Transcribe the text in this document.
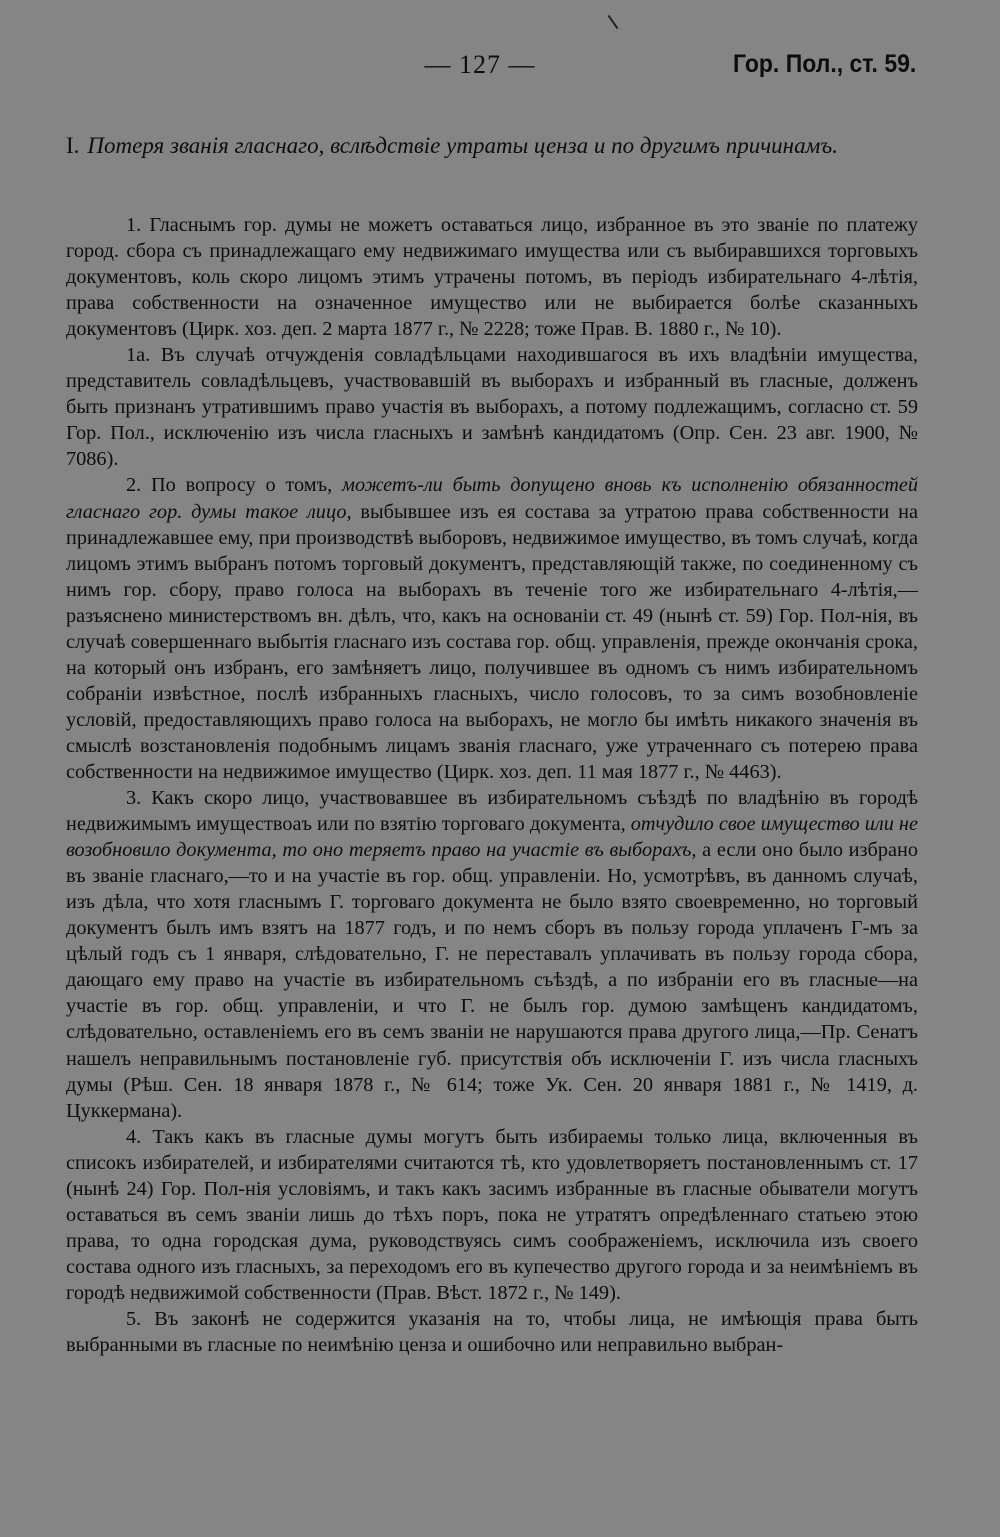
— 127 —	Гор. Пол., ст. 59.
I. Потеря званія гласнаго, вслѣдствіе утраты ценза и по другимъ причинамъ.

1. Гласнымъ гор. думы не можетъ оставаться лицо, избранное въ это званіе по платежу город. сбора съ принадлежащаго ему недвижимаго имущества или съ выбиравшихся торговыхъ документовъ, коль скоро лицомъ этимъ утрачены потомъ, въ періодъ избирательнаго 4-лѣтія, права собственности на означенное имущество или не выбирается болѣе сказанныхъ документовъ (Цирк. хоз. деп. 2 марта 1877 г., № 2228; тоже Прав. В. 1880 г., № 10).

1а. Въ случаѣ отчужденія совладѣльцами находившагося въ ихъ владѣніи имущества, представитель совладѣльцевъ, участвовавшій въ выборахъ и избранный въ гласные, долженъ быть признанъ утратившимъ право участія въ выборахъ, а потому подлежащимъ, согласно ст. 59 Гор. Пол., исключенію изъ числа гласныхъ и замѣнѣ кандидатомъ (Опр. Сен. 23 авг. 1900, № 7086).

2. По вопросу о томъ, можетъ-ли быть допущено вновь къ исполненію обязанностей гласнаго гор. думы такое лицо, выбывшее изъ ея состава за утратою права собственности на принадлежавшее ему, при производствѣ выборовъ, недвижимое имущество, въ томъ случаѣ, когда лицомъ этимъ выбранъ потомъ торговый документъ, представляющій также, по соединенному съ нимъ гор. сбору, право голоса на выборахъ въ теченіе того же избирательнаго 4-лѣтія,—разъяснено министерствомъ вн. дѣлъ, что, какъ на основаніи ст. 49 (нынѣ ст. 59) Гор. Пол-нія, въ случаѣ совершеннаго выбытія гласнаго изъ состава гор. общ. управленія, прежде окончанія срока, на который онъ избранъ, его замѣняетъ лицо, получившее въ одномъ съ нимъ избирательномъ собраніи извѣстное, послѣ избранныхъ гласныхъ, число голосовъ, то за симъ возобновленіе условій, предоставляющихъ право голоса на выборахъ, не могло бы имѣть никакого значенія въ смыслѣ возстановленія подобнымъ лицамъ званія гласнаго, уже утраченнаго съ потерею права собственности на недвижимое имущество (Цирк. хоз. деп. 11 мая 1877 г., № 4463).

3. Какъ скоро лицо, участвовавшее въ избирательномъ съѣздѣ по владѣнію въ городѣ недвижимымъ имуществоаъ или по взятію торговаго документа, отчудило свое имущество или не возобновило документа, то оно теряетъ право на участіе въ выборахъ, а если оно было избрано въ званіе гласнаго,—то и на участіе въ гор. общ. управленіи. Но, усмотрѣвъ, въ данномъ случаѣ, изъ дѣла, что хотя гласнымъ Г. торговаго документа не было взято своевременно, но торговый документъ былъ имъ взятъ на 1877 годъ, и по немъ сборъ въ пользу города уплаченъ Г-мъ за цѣлый годъ съ 1 января, слѣдовательно, Г. не переставалъ уплачивать въ пользу города сбора, дающаго ему право на участіе въ избирательномъ съѣздѣ, а по избраніи его въ гласные—на участіе въ гор. общ. управленіи, и что Г. не былъ гор. думою замѣщенъ кандидатомъ, слѣдовательно, оставленіемъ его въ семъ званіи не нарушаются права другого лица,—Пр. Сенатъ нашелъ неправильнымъ постановленіе губ. присутствія объ исключеніи Г. изъ числа гласныхъ думы (Рѣш. Сен. 18 января 1878 г., № 614; тоже Ук. Сен. 20 января 1881 г., № 1419, д. Цуккермана).

4. Такъ какъ въ гласные думы могутъ быть избираемы только лица, включенныя въ списокъ избирателей, и избирателями считаются тѣ, кто удовлетворяетъ постановленнымъ ст. 17 (нынѣ 24) Гор. Пол-нія условіямъ, и такъ какъ засимъ избранные въ гласные обыватели могутъ оставаться въ семъ званіи лишь до тѣхъ поръ, пока не утратятъ опредѣленнаго статьею этою права, то одна городская дума, руководствуясь симъ соображеніемъ, исключила изъ своего состава одного изъ гласныхъ, за переходомъ его въ купечество другого города и за неимѣніемъ въ городѣ недвижимой собственности (Прав. Вѣст. 1872 г., № 149).

5. Въ законѣ не содержится указанія на то, чтобы лица, не имѣющія права быть выбранными въ гласные по неимѣнію ценза и ошибочно или неправильно выбран-
